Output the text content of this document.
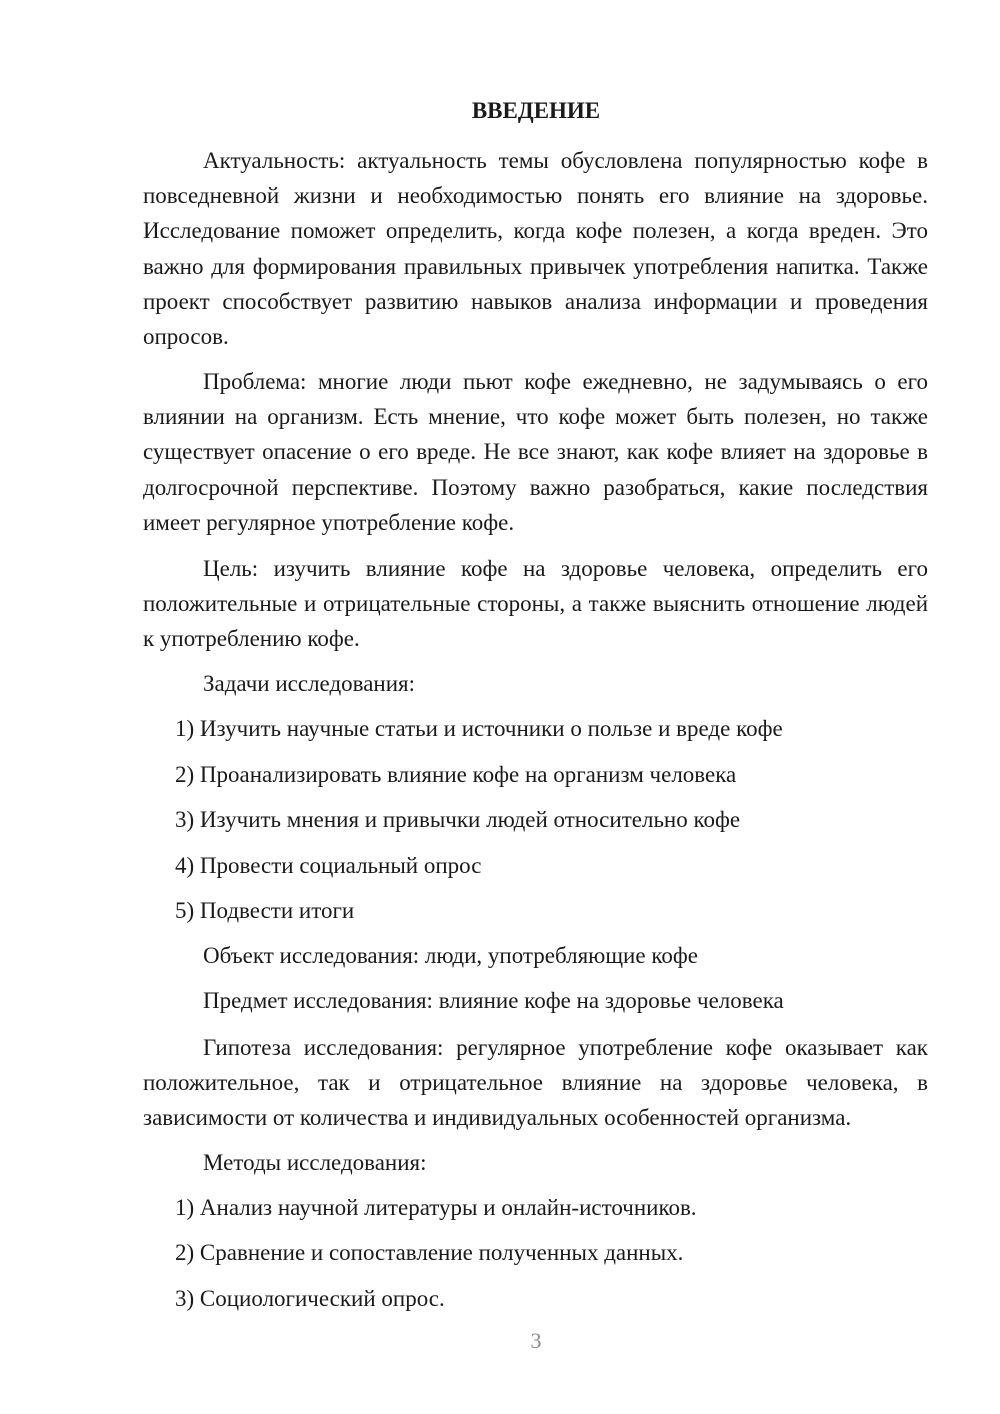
ВВЕДЕНИЕ

Актуальность: актуальность темы обусловлена популярностью кофе в повседневной жизни и необходимостью понять его влияние на здоровье. Исследование поможет определить, когда кофе полезен, а когда вреден. Это важно для формирования правильных привычек употребления напитка. Также проект способствует развитию навыков анализа информации и проведения опросов.

Проблема: многие люди пьют кофе ежедневно, не задумываясь о его влиянии на организм. Есть мнение, что кофе может быть полезен, но также существует опасение о его вреде. Не все знают, как кофе влияет на здоровье в долгосрочной перспективе. Поэтому важно разобраться, какие последствия имеет регулярное употребление кофе.

Цель: изучить влияние кофе на здоровье человека, определить его положительные и отрицательные стороны, а также выяснить отношение людей к употреблению кофе.

Задачи исследования:
1) Изучить научные статьи и источники о пользе и вреде кофе
2) Проанализировать влияние кофе на организм человека
3) Изучить мнения и привычки людей относительно кофе
4) Провести социальный опрос
5) Подвести итоги
Объект исследования: люди, употребляющие кофе
Предмет исследования: влияние кофе на здоровье человека

Гипотеза исследования: регулярное употребление кофе оказывает как положительное, так и отрицательное влияние на здоровье человека, в зависимости от количества и индивидуальных особенностей организма.

Методы исследования:
1) Анализ научной литературы и онлайн-источников.
2) Сравнение и сопоставление полученных данных.
3) Социологический опрос.
3
